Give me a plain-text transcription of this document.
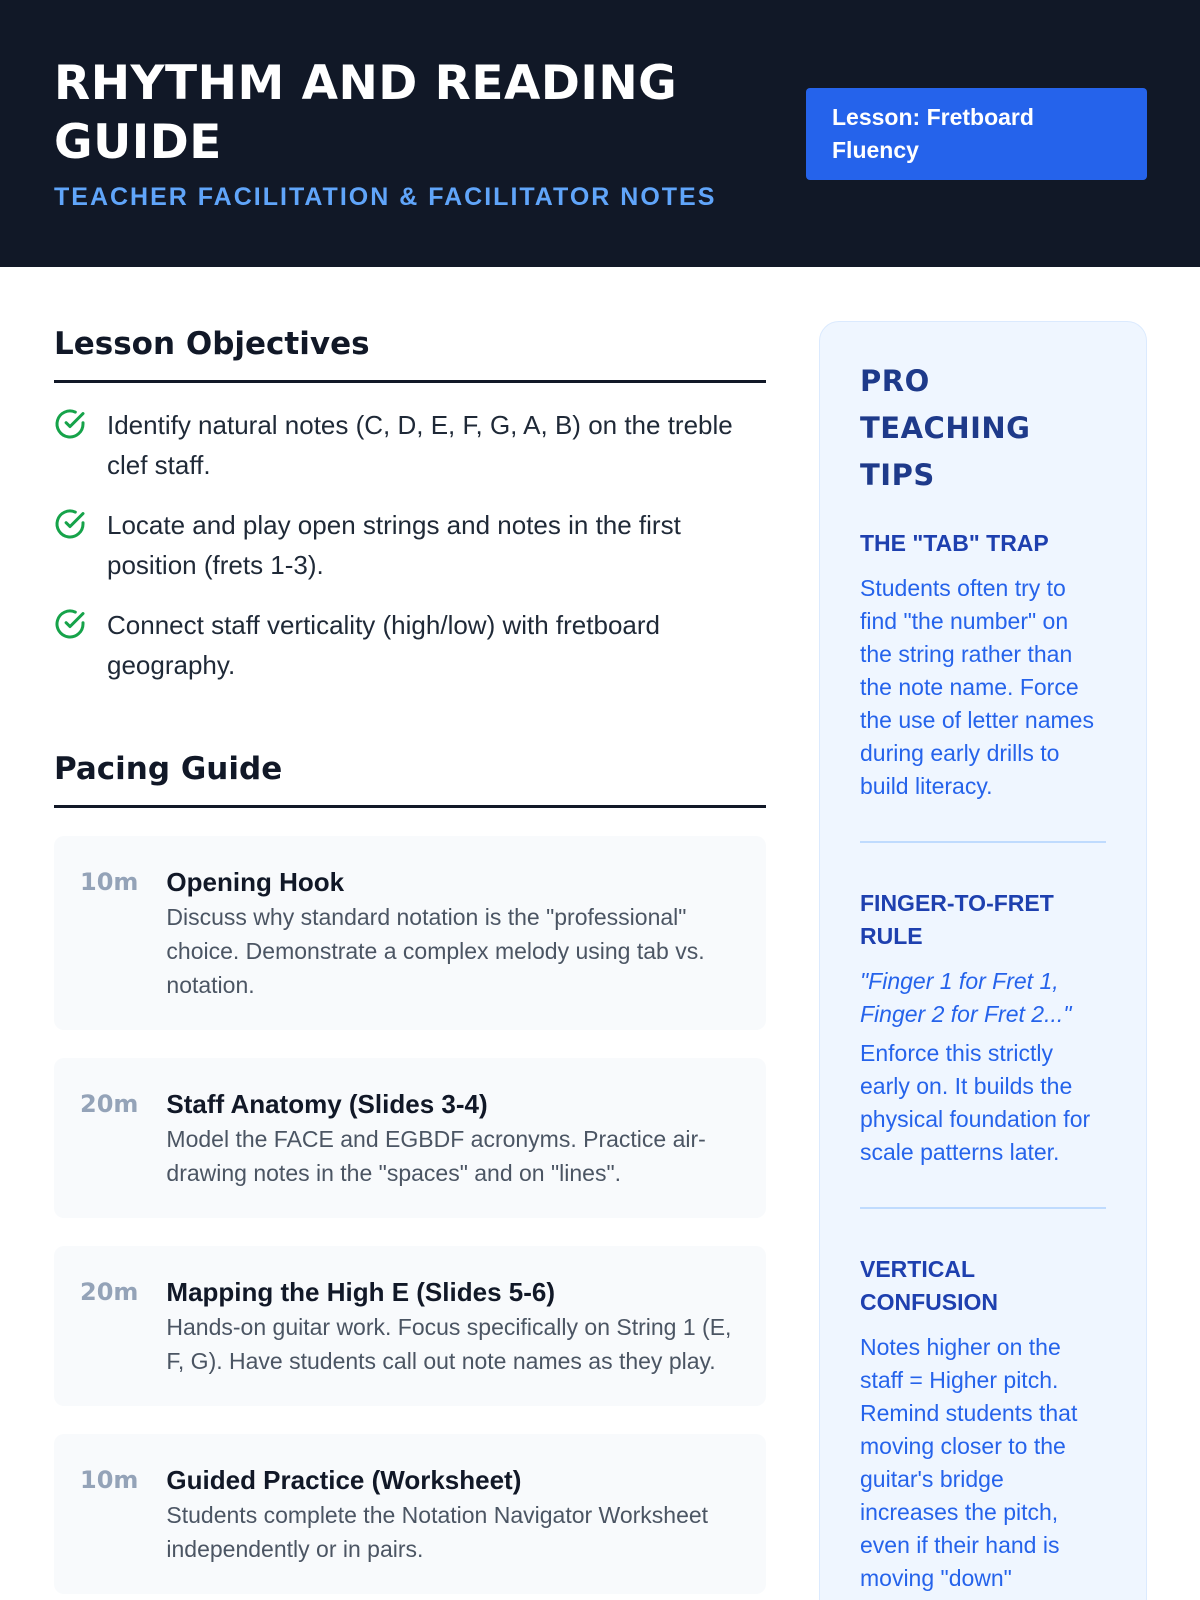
RHYTHM AND READING GUIDE
TEACHER FACILITATION & FACILITATOR NOTES
Lesson: Fretboard Fluency
Lesson Objectives

Identify natural notes (C, D, E, F, G, A, B) on the treble clef staff.

Locate and play open strings and notes in the first position (frets 1-3).

Connect staff verticality (high/low) with fretboard geography.

Pacing Guide
10m Opening Hook
Discuss why standard notation is the "professional" choice. Demonstrate a complex melody using tab vs. notation.
20m Staff Anatomy (Slides 3-4)
Model the FACE and EGBDF acronyms. Practice air-drawing notes in the "spaces" and on "lines".
20m Mapping the High E (Slides 5-6)
Hands-on guitar work. Focus specifically on String 1 (E, F, G). Have students call out note names as they play.
10m Guided Practice (Worksheet)
Students complete the Notation Navigator Worksheet independently or in pairs.
PRO TEACHING TIPS
THE "TAB" TRAP

Students often try to find "the number" on the string rather than the note name. Force the use of letter names during early drills to build literacy.

FINGER-TO-FRET RULE

"Finger 1 for Fret 1, Finger 2 for Fret 2..."

Enforce this strictly early on. It builds the physical foundation for scale patterns later.

VERTICAL CONFUSION

Notes higher on the staff = Higher pitch. Remind students that moving closer to the guitar's bridge increases the pitch, even if their hand is moving "down"
